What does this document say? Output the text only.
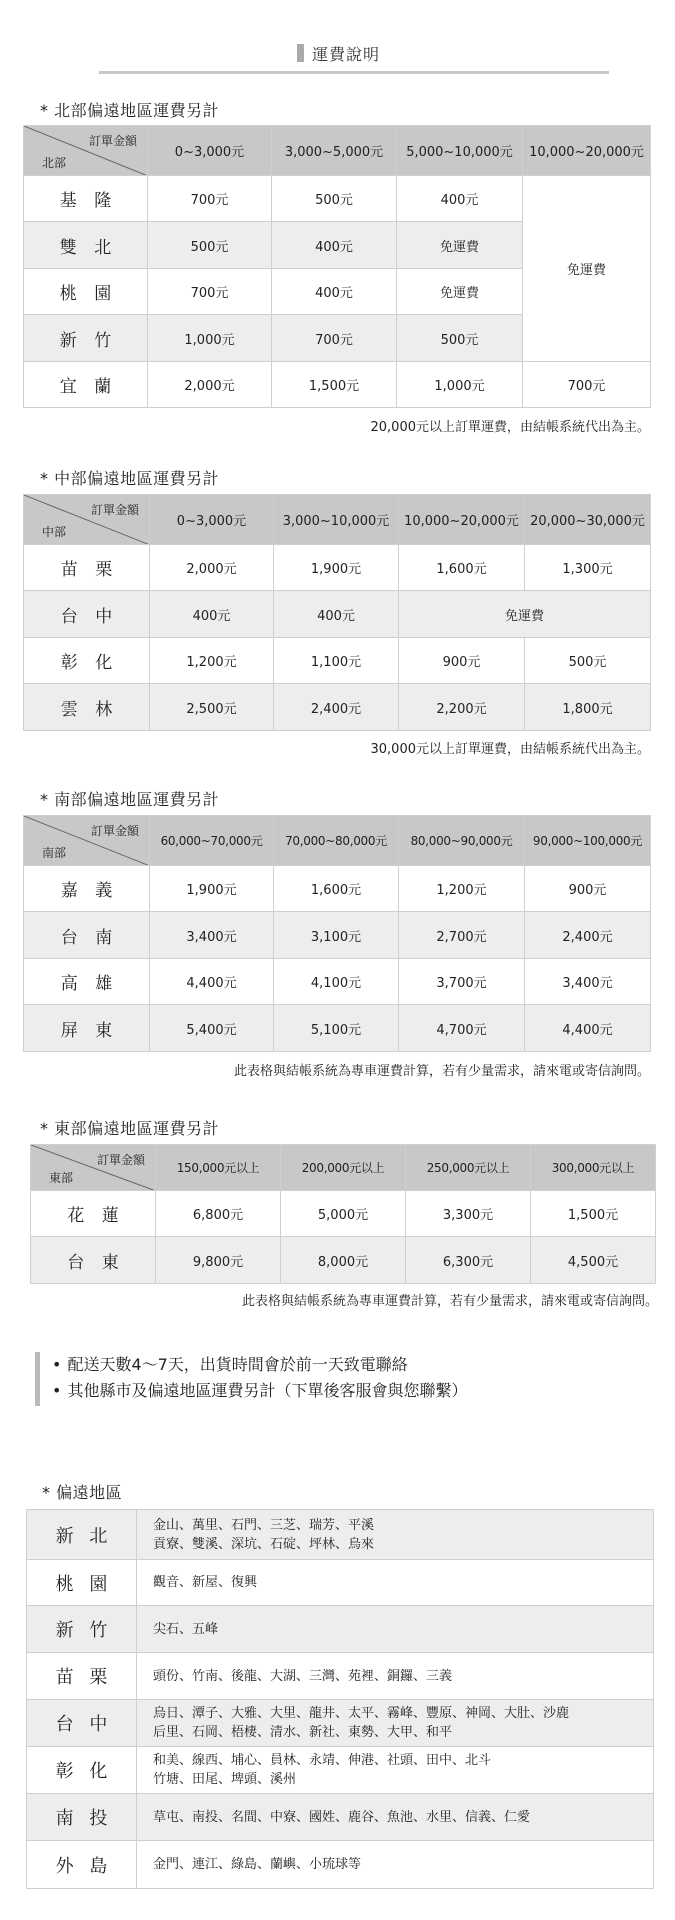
運費說明
* 北部偏遠地區運費另計
訂單金額
北部	0~3,000元	3,000~5,000元	5,000~10,000元	10,000~20,000元
基 隆	700元	500元	400元	免運費
雙 北	500元	400元	免運費	
桃 園	700元	400元	免運費	
新 竹	1,000元	700元	500元	
宜 蘭	2,000元	1,500元	1,000元	700元
20,000元以上訂單運費，由結帳系統代出為主。
* 中部偏遠地區運費另計
訂單金額
中部	0~3,000元	3,000~10,000元	10,000~20,000元	20,000~30,000元
苗 栗	2,000元	1,900元	1,600元	1,300元
台 中	400元	400元	免運費	
彰 化	1,200元	1,100元	900元	500元
雲 林	2,500元	2,400元	2,200元	1,800元
30,000元以上訂單運費，由結帳系統代出為主。
* 南部偏遠地區運費另計
訂單金額
南部	60,000~70,000元	70,000~80,000元	80,000~90,000元	90,000~100,000元
嘉 義	1,900元	1,600元	1,200元	900元
台 南	3,400元	3,100元	2,700元	2,400元
高 雄	4,400元	4,100元	3,700元	3,400元
屏 東	5,400元	5,100元	4,700元	4,400元
此表格與結帳系統為專車運費計算，若有少量需求，請來電或寄信詢問。
* 東部偏遠地區運費另計
訂單金額
東部	150,000元以上	200,000元以上	250,000元以上	300,000元以上
花 蓮	6,800元	5,000元	3,300元	1,500元
台 東	9,800元	8,000元	6,300元	4,500元
此表格與結帳系統為專車運費計算，若有少量需求，請來電或寄信詢問。
• 配送天數4～7天，出貨時間會於前一天致電聯絡
• 其他縣市及偏遠地區運費另計（下單後客服會與您聯繫）
* 偏遠地區
新 北	金山、萬里、石門、三芝、瑞芳、平溪
貢寮、雙溪、深坑、石碇、坪林、烏來

桃 園	觀音、新屋、復興

新 竹	尖石、五峰

苗 栗	頭份、竹南、後龍、大湖、三灣、苑裡、銅鑼、三義

台 中	烏日、潭子、大雅、大里、龍井、太平、霧峰、豐原、神岡、大肚、沙鹿
后里、石岡、梧棲、清水、新社、東勢、大甲、和平

彰 化	和美、線西、埔心、員林、永靖、伸港、社頭、田中、北斗
竹塘、田尾、埤頭、溪州

南 投	草屯、南投、名間、中寮、國姓、鹿谷、魚池、水里、信義、仁愛

外 島	金門、連江、綠島、蘭嶼、小琉球等
